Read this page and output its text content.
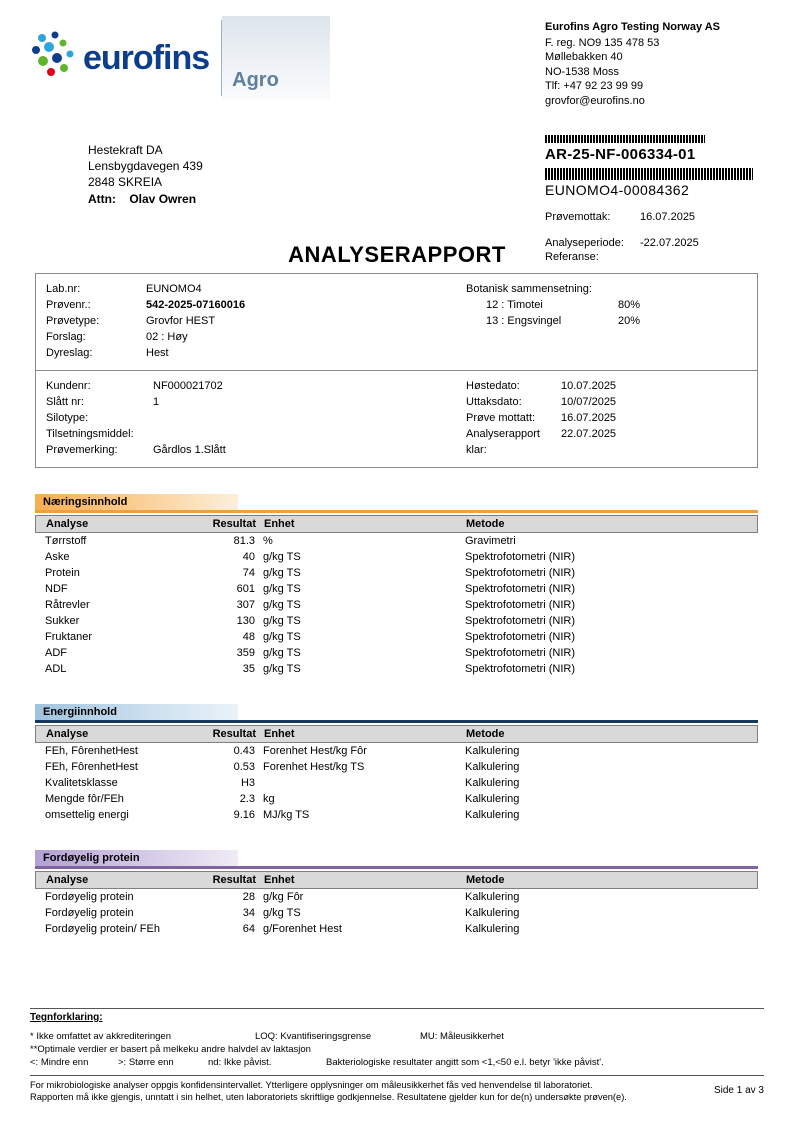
eurofins
Agro
Eurofins Agro Testing Norway AS
F. reg. NO9 135 478 53
Møllebakken 40
NO-1538 Moss
Tlf: +47 92 23 99 99
grovfor@eurofins.no
Hestekraft DA
Lensbygdavegen 439
2848 SKREIA
Attn: Olav Owren
AR-25-NF-006334-01
EUNOMO4-00084362
Prøvemottak:	16.07.2025
Analyseperiode:	-22.07.2025
Referanse:
ANALYSERAPPORT
Lab.nr:	EUNOMO4
Prøvenr.:	542-2025-07160016
Prøvetype:	Grovfor HEST
Forslag:	02 : Høy
Dyreslag:	Hest
Botanisk sammensetning:
12 : Timotei	80%
13 : Engsvingel	20%
Kundenr:	NF000021702
Slått nr:	1
Silotype:
Tilsetningsmiddel:
Prøvemerking:	Gårdlos 1.Slått
Høstedato:	10.07.2025
Uttaksdato:	10/07/2025
Prøve mottatt:	16.07.2025
Analyserapport klar:
22.07.2025
Næringsinnhold
Analyse	Resultat Enhet	Metode
Tørrstoff	81.3 %	Gravimetri
Aske	40 g/kg TS	Spektrofotometri (NIR)
Protein	74 g/kg TS	Spektrofotometri (NIR)
NDF	601 g/kg TS	Spektrofotometri (NIR)
Råtrevler	307 g/kg TS	Spektrofotometri (NIR)
Sukker	130 g/kg TS	Spektrofotometri (NIR)
Fruktaner	48 g/kg TS	Spektrofotometri (NIR)
ADF	359 g/kg TS	Spektrofotometri (NIR)
ADL	35 g/kg TS	Spektrofotometri (NIR)
Energiinnhold
Analyse	Resultat Enhet	Metode
FEh, FôrenhetHest	0.43 Forenhet Hest/kg Fôr	Kalkulering
FEh, FôrenhetHest	0.53 Forenhet Hest/kg TS	Kalkulering
Kvalitetsklasse	H3	Kalkulering
Mengde fôr/FEh	2.3 kg	Kalkulering
omsettelig energi	9.16 MJ/kg TS	Kalkulering
Fordøyelig protein
Analyse	Resultat Enhet	Metode
Fordøyelig protein	28 g/kg Fôr	Kalkulering
Fordøyelig protein	34 g/kg TS	Kalkulering
Fordøyelig protein/ FEh	64 g/Forenhet Hest	Kalkulering
Tegnforklaring:
* Ikke omfattet av akkrediteringen	LOQ: Kvantifiseringsgrense	MU: Måleusikkerhet
**Optimale verdier er basert på melkeku andre halvdel av laktasjon
<: Mindre enn	>: Større enn	nd: Ikke påvist.	Bakteriologiske resultater angitt som <1,<50 e.l. betyr 'ikke påvist'.
For mikrobiologiske analyser oppgis konfidensintervallet. Ytterligere opplysninger om måleusikkerhet fås ved henvendelse til laboratoriet.
Rapporten må ikke gjengis, unntatt i sin helhet, uten laboratoriets skriftlige godkjennelse. Resultatene gjelder kun for de(n) undersøkte prøven(e).
Side 1 av 3
